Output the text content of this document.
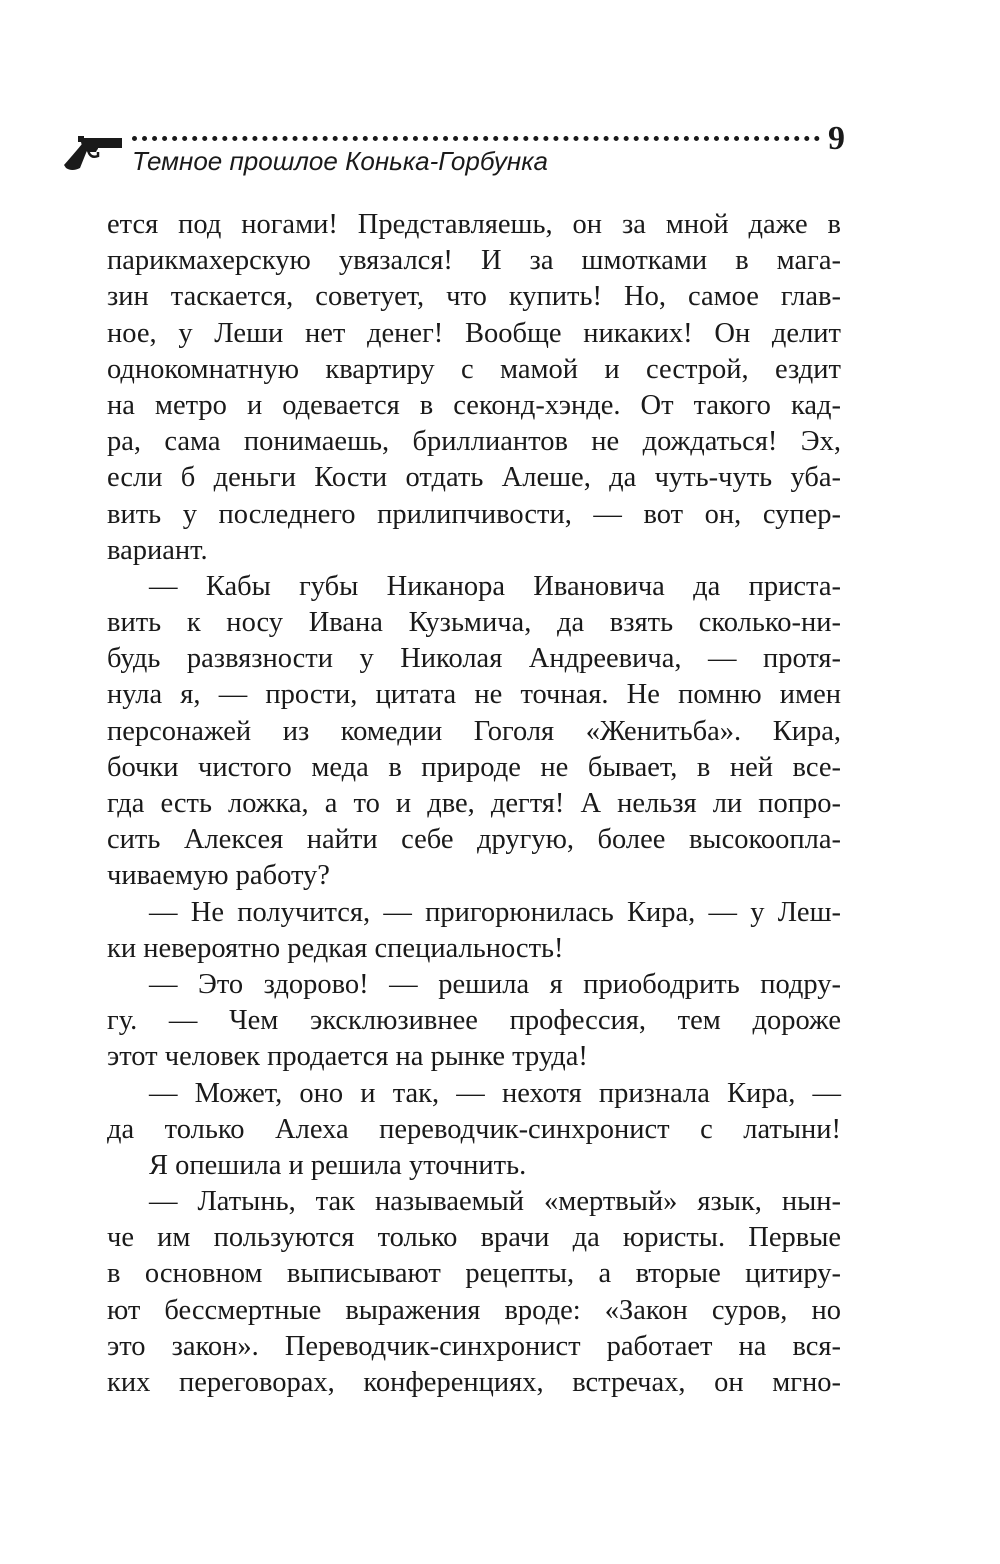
9
Темное прошлое Конька-Горбунка
ется под ногами! Представляешь, он за мной даже в
парикмахерскую увязался! И за шмотками в мага-
зин таскается, советует, что купить! Но, самое глав-
ное, у Леши нет денег! Вообще никаких! Он делит
однокомнатную квартиру с мамой и сестрой, ездит
на метро и одевается в секонд-хэнде. От такого кад-
ра, сама понимаешь, бриллиантов не дождаться! Эх,
если б деньги Кости отдать Алеше, да чуть-чуть уба-
вить у последнего прилипчивости, — вот он, супер-
вариант.
— Кабы губы Никанора Ивановича да приста-
вить к носу Ивана Кузьмича, да взять сколько-ни-
будь развязности у Николая Андреевича, — протя-
нула я, — прости, цитата не точная. Не помню имен
персонажей из комедии Гоголя «Женитьба». Кира,
бочки чистого меда в природе не бывает, в ней все-
гда есть ложка, а то и две, дегтя! А нельзя ли попро-
сить Алексея найти себе другую, более высокоопла-
чиваемую работу?
— Не получится, — пригорюнилась Кира, — у Леш-
ки невероятно редкая специальность!
— Это здорово! — решила я приободрить подру-
гу. — Чем эксклюзивнее профессия, тем дороже
этот человек продается на рынке труда!
— Может, оно и так, — нехотя признала Кира, —
да только Алеха переводчик-синхронист с латыни!
Я опешила и решила уточнить.
— Латынь, так называемый «мертвый» язык, нын-
че им пользуются только врачи да юристы. Первые
в основном выписывают рецепты, а вторые цитиру-
ют бессмертные выражения вроде: «Закон суров, но
это закон». Переводчик-синхронист работает на вся-
ких переговорах, конференциях, встречах, он мгно-
